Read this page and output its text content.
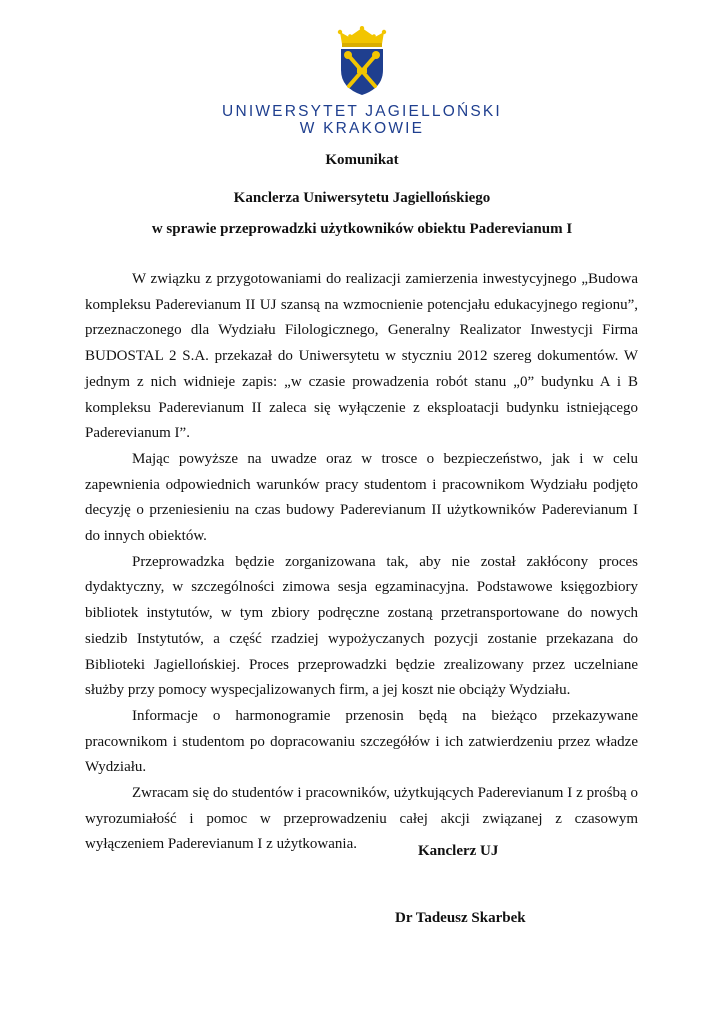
UNIWERSYTET JAGIELLOŃSKI
W KRAKOWIE
Komunikat
Kanclerza Uniwersytetu Jagiellońskiego
w sprawie przeprowadzki użytkowników obiektu Paderevianum I

W związku z przygotowaniami do realizacji zamierzenia inwestycyjnego „Budowa kompleksu Paderevianum II UJ szansą na wzmocnienie potencjału edukacyjnego regionu”, przeznaczonego dla Wydziału Filologicznego, Generalny Realizator Inwestycji Firma BUDOSTAL 2 S.A. przekazał do Uniwersytetu w styczniu 2012 szereg dokumentów. W jednym z nich widnieje zapis: „w czasie prowadzenia robót stanu „0” budynku A i B kompleksu Paderevianum II zaleca się wyłączenie z eksploatacji budynku istniejącego Paderevianum I”.

Mając powyższe na uwadze oraz w trosce o bezpieczeństwo, jak i w celu zapewnienia odpowiednich warunków pracy studentom i pracownikom Wydziału podjęto decyzję o przeniesieniu na czas budowy Paderevianum II użytkowników Paderevianum I do innych obiektów.

Przeprowadzka będzie zorganizowana tak, aby nie został zakłócony proces dydaktyczny, w szczególności zimowa sesja egzaminacyjna. Podstawowe księgozbiory bibliotek instytutów, w tym zbiory podręczne zostaną przetransportowane do nowych siedzib Instytutów, a część rzadziej wypożyczanych pozycji zostanie przekazana do Biblioteki Jagiellońskiej. Proces przeprowadzki będzie zrealizowany przez uczelniane służby przy pomocy wyspecjalizowanych firm, a jej koszt nie obciąży Wydziału.

Informacje o harmonogramie przenosin będą na bieżąco przekazywane pracownikom i studentom po dopracowaniu szczegółów i ich zatwierdzeniu przez władze Wydziału.

Zwracam się do studentów i pracowników, użytkujących Paderevianum I z prośbą o wyrozumiałość i pomoc w przeprowadzeniu całej akcji związanej z czasowym wyłączeniem Paderevianum I z użytkowania.	Kanclerz UJ
Dr Tadeusz Skarbek
